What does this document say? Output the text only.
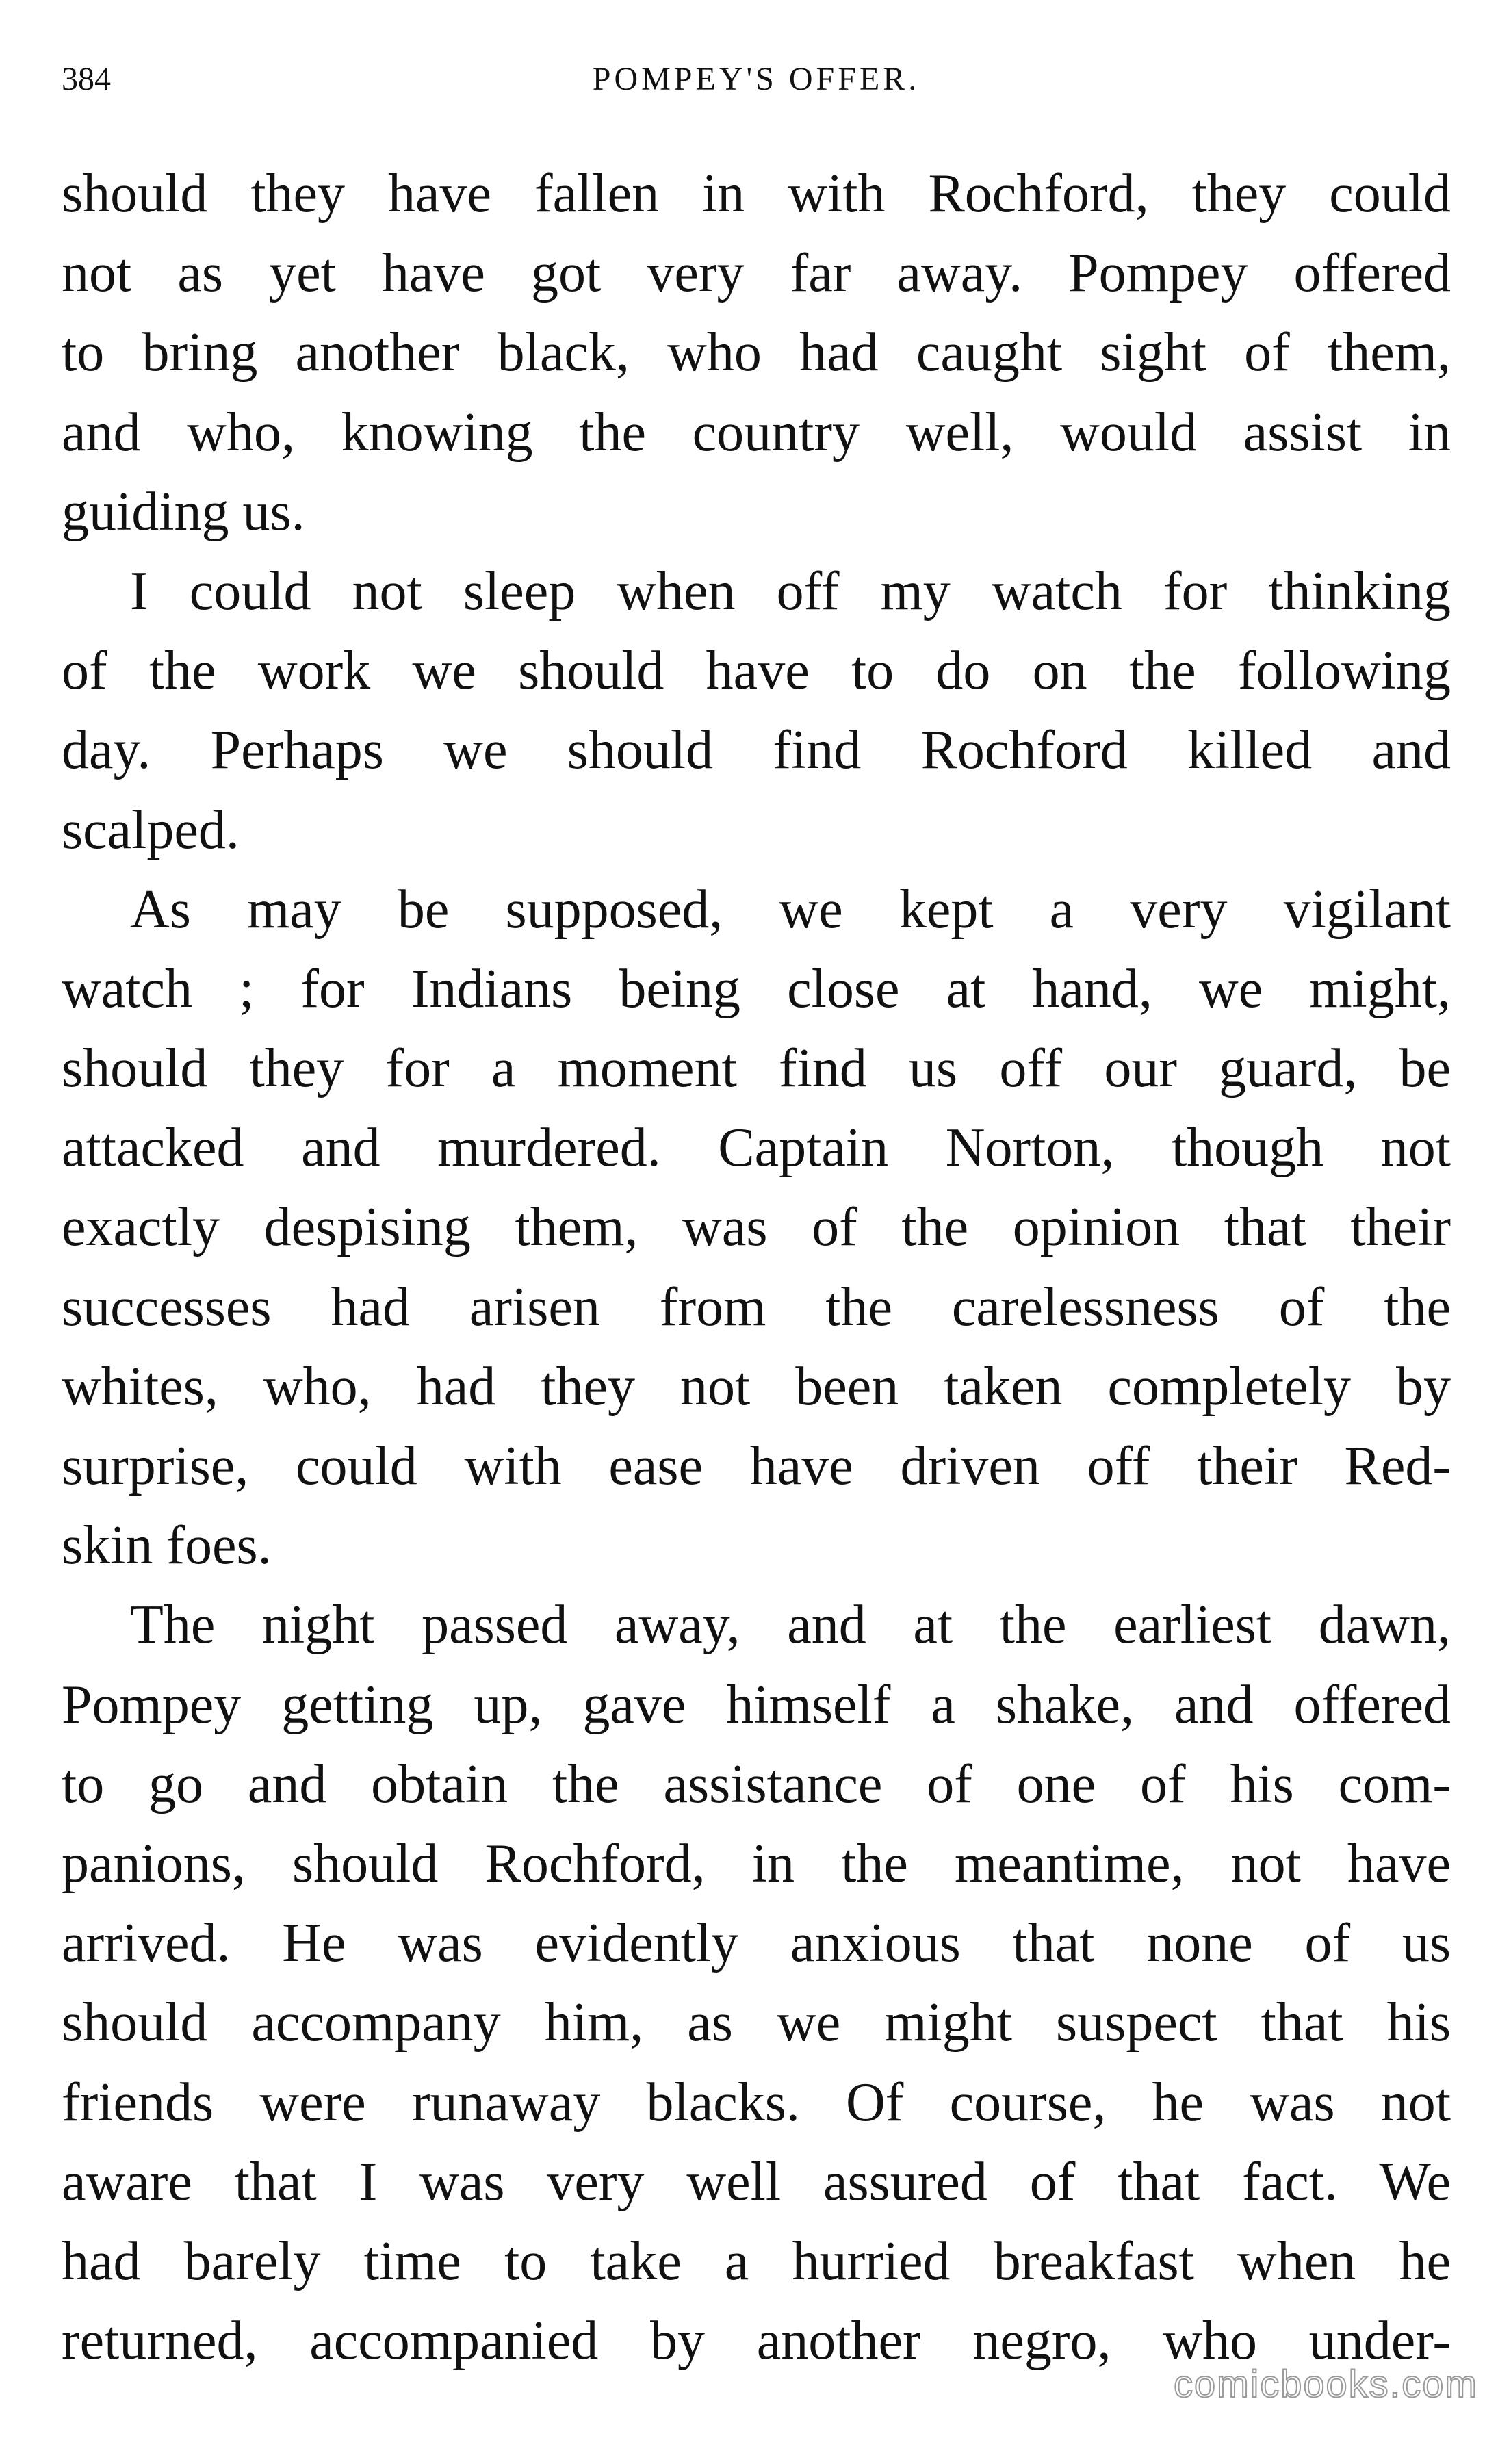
384	POMPEY'S OFFER.
should they have fallen in with Rochford, they could
not as yet have got very far away. Pompey offered
to bring another black, who had caught sight of them,
and who, knowing the country well, would assist in
guiding us.
I could not sleep when off my watch for thinking
of the work we should have to do on the following
day. Perhaps we should find Rochford killed and
scalped.
As may be supposed, we kept a very vigilant
watch ; for Indians being close at hand, we might,
should they for a moment find us off our guard, be
attacked and murdered. Captain Norton, though not
exactly despising them, was of the opinion that their
successes had arisen from the carelessness of the
whites, who, had they not been taken completely by
surprise, could with ease have driven off their Red-
skin foes.
The night passed away, and at the earliest dawn,
Pompey getting up, gave himself a shake, and offered
to go and obtain the assistance of one of his com-
panions, should Rochford, in the meantime, not have
arrived. He was evidently anxious that none of us
should accompany him, as we might suspect that his
friends were runaway blacks. Of course, he was not
aware that I was very well assured of that fact. We
had barely time to take a hurried breakfast when he
returned, accompanied by another negro, who under-
comicbooks.com
